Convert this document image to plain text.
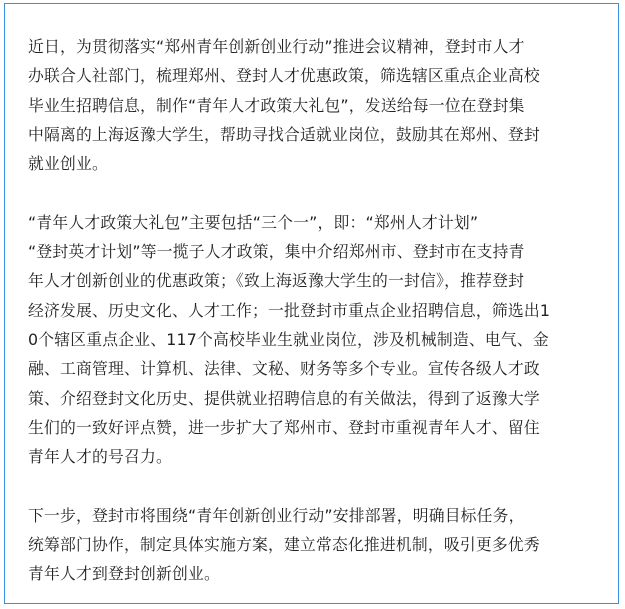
近日，为贯彻落实“郑州青年创新创业行动”推进会议精神，登封市人才
办联合人社部门，梳理郑州、登封人才优惠政策，筛选辖区重点企业高校
毕业生招聘信息，制作“青年人才政策大礼包”，发送给每一位在登封集
中隔离的上海返豫大学生，帮助寻找合适就业岗位，鼓励其在郑州、登封
就业创业。

“青年人才政策大礼包”主要包括“三个一”，即：“郑州人才计划”
“登封英才计划”等一揽子人才政策，集中介绍郑州市、登封市在支持青
年人才创新创业的优惠政策；《致上海返豫大学生的一封信》，推荐登封
经济发展、历史文化、人才工作；一批登封市重点企业招聘信息，筛选出1
0个辖区重点企业、117个高校毕业生就业岗位，涉及机械制造、电气、金
融、工商管理、计算机、法律、文秘、财务等多个专业。宣传各级人才政
策、介绍登封文化历史、提供就业招聘信息的有关做法，得到了返豫大学
生们的一致好评点赞，进一步扩大了郑州市、登封市重视青年人才、留住
青年人才的号召力。

下一步，登封市将围绕“青年创新创业行动”安排部署，明确目标任务，
统筹部门协作，制定具体实施方案，建立常态化推进机制，吸引更多优秀
青年人才到登封创新创业。
